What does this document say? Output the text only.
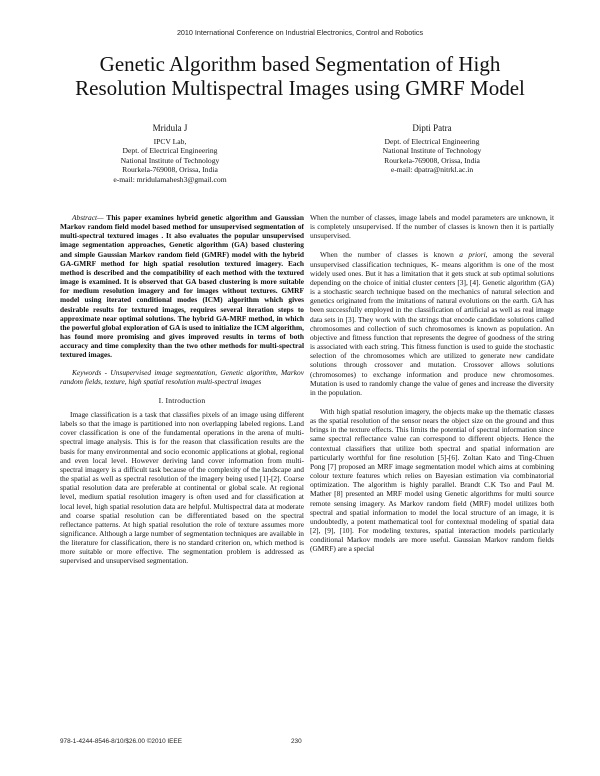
2010 International Conference on Industrial Electronics, Control and Robotics
Genetic Algorithm based Segmentation of High
Resolution Multispectral Images using GMRF Model
Mridula J
IPCV Lab,
Dept. of Electrical Engineering
National Institute of Technology
Rourkela-769008, Orissa, India
e-mail: mridulamahesh3@gmail.com
Dipti Patra
Dept. of Electrical Engineering
National Institute of Technology
Rourkela-769008, Orissa, India
e-mail: dpatra@nitrkl.ac.in

Abstract— This paper examines hybrid genetic algorithm and Gaussian Markov random field model based method for unsupervised segmentation of multi-spectral textured images . It also evaluates the popular unsupervised image segmentation approaches, Genetic algorithm (GA) based clustering and simple Gaussian Markov random field (GMRF) model with the hybrid GA-GMRF method for high spatial resolution textured imagery. Each method is described and the compatibility of each method with the textured image is examined. It is observed that GA based clustering is more suitable for medium resolution imagery and for images without textures. GMRF model using iterated conditional modes (ICM) algorithm which gives desirable results for textured images, requires several iteration steps to approximate near optimal solutions. The hybrid GA-MRF method, in which the powerful global exploration of GA is used to initialize the ICM algorithm, has found more promising and gives improved results in terms of both accuracy and time complexity than the two other methods for multi-spectral textured images.

Keywords - Unsupervised image segmentation, Genetic algorithm, Markov random fields, texture, high spatial resolution multi-spectral images

I. Introduction

Image classification is a task that classifies pixels of an image using different labels so that the image is partitioned into non overlapping labeled regions. Land cover classification is one of the fundamental operations in the arena of multi-spectral image analysis. This is for the reason that classification results are the basis for many environmental and socio economic applications at global, regional and even local level. However deriving land cover information from multi-spectral imagery is a difficult task because of the complexity of the landscape and the spatial as well as spectral resolution of the imagery being used [1]-[2]. Coarse spatial resolution data are preferable at continental or global scale. At regional level, medium spatial resolution imagery is often used and for classification at local level, high spatial resolution data are helpful. Multispectral data at moderate and coarse spatial resolution can be differentiated based on the spectral reflectance patterns. At high spatial resolution the role of texture assumes more significance. Although a large number of segmentation techniques are available in the literature for classification, there is no standard criterion on, which method is more suitable or more effective. The segmentation problem is addressed as supervised and unsupervised segmentation.

When the number of classes, image labels and model parameters are unknown, it is completely unsupervised. If the number of classes is known then it is partially unsupervised.

When the number of classes is known a priori, among the several unsupervised classification techniques, K- means algorithm is one of the most widely used ones. But it has a limitation that it gets stuck at sub optimal solutions depending on the choice of initial cluster centers [3], [4]. Genetic algorithm (GA) is a stochastic search technique based on the mechanics of natural selection and genetics originated from the imitations of natural evolutions on the earth. GA has been successfully employed in the classification of artificial as well as real image data sets in [3]. They work with the strings that encode candidate solutions called chromosomes and collection of such chromosomes is known as population. An objective and fitness function that represents the degree of goodness of the string is associated with each string. This fitness function is used to guide the stochastic selection of the chromosomes which are utilized to generate new candidate solutions through crossover and mutation. Crossover allows solutions (chromosomes) to exchange information and produce new chromosomes. Mutation is used to randomly change the value of genes and increase the diversity in the population.

With high spatial resolution imagery, the objects make up the thematic classes as the spatial resolution of the sensor nears the object size on the ground and thus brings in the texture effects. This limits the potential of spectral information since same spectral reflectance value can correspond to different objects. Hence the contextual classifiers that utilize both spectral and spatial information are particularly worthful for fine resolution [5]-[6]. Zoltan Kato and Ting-Chuen Pong [7] proposed an MRF image segmentation model which aims at combining colour texture features which relies on Bayesian estimation via combinatorial optimization. The algorithm is highly parallel. Brandt C.K Tso and Paul M. Mather [8] presented an MRF model using Genetic algorithms for multi source remote sensing imagery. As Markov random field (MRF) model utilizes both spectral and spatial information to model the local structure of an image, it is undoubtedly, a potent mathematical tool for contextual modeling of spatial data [2], [9], [10]. For modeling textures, spatial interaction models particularly conditional Markov models are more useful. Gaussian Markov random fields (GMRF) are a special

978-1-4244-8546-8/10/$26.00 ©2010 IEEE	230
